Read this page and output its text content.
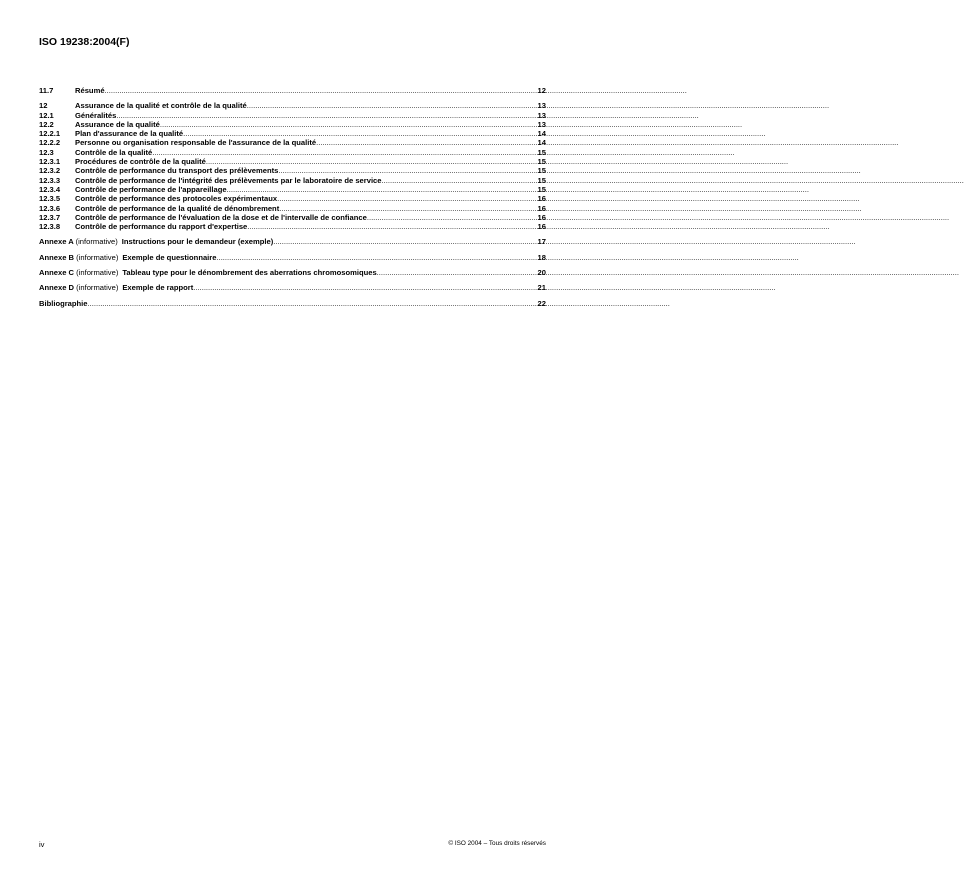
ISO 19238:2004(F)
11.7	Résumé .....	12
12	Assurance de la qualité et contrôle de la qualité .....	13
12.1	Généralités .....	13
12.2	Assurance de la qualité .....	13
12.2.1	Plan d'assurance de la qualité .....	14
12.2.2	Personne ou organisation responsable de l'assurance de la qualité .....	14
12.3	Contrôle de la qualité .....	15
12.3.1	Procédures de contrôle de la qualité .....	15
12.3.2	Contrôle de performance du transport des prélèvements .....	15
12.3.3	Contrôle de performance de l'intégrité des prélèvements par le laboratoire de service .....	15
12.3.4	Contrôle de performance de l'appareillage .....	15
12.3.5	Contrôle de performance des protocoles expérimentaux .....	16
12.3.6	Contrôle de performance de la qualité de dénombrement .....	16
12.3.7	Contrôle de performance de l'évaluation de la dose et de l'intervalle de confiance .....	16
12.3.8	Contrôle de performance du rapport d'expertise .....	16
Annexe A (informative) Instructions pour le demandeur (exemple) .....	17
Annexe B (informative) Exemple de questionnaire .....	18
Annexe C (informative) Tableau type pour le dénombrement des aberrations chromosomiques .....	20
Annexe D (informative) Exemple de rapport .....	21
Bibliographie .....	22
iv	© ISO 2004 – Tous droits réservés
